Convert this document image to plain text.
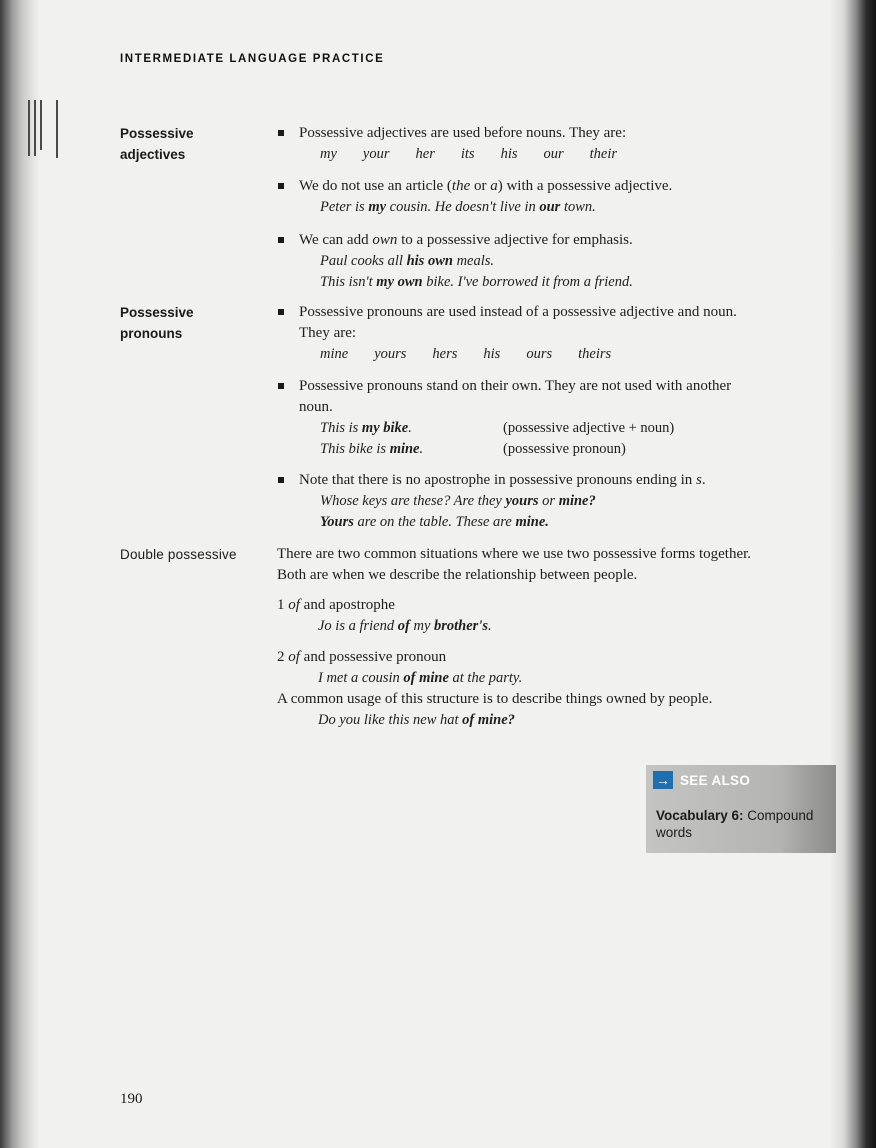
INTERMEDIATE LANGUAGE PRACTICE
Possessive
adjectives
Possessive adjectives are used before nouns. They are:
my your her its his our their
We do not use an article (the or a) with a possessive adjective.
Peter is my cousin. He doesn't live in our town.
We can add own to a possessive adjective for emphasis.
Paul cooks all his own meals.
This isn't my own bike. I've borrowed it from a friend.
Possessive
pronouns
Possessive pronouns are used instead of a possessive adjective and noun.
They are:
mine yours hers his ours theirs
Possessive pronouns stand on their own. They are not used with another
noun.
This is my bike.	(possessive adjective + noun)
This bike is mine.	(possessive pronoun)
Note that there is no apostrophe in possessive pronouns ending in s.
Whose keys are these? Are they yours or mine?
Yours are on the table. These are mine.
Double possessive	There are two common situations where we use two possessive forms together.
Both are when we describe the relationship between people.
1 of and apostrophe
Jo is a friend of my brother's.
2 of and possessive pronoun
I met a cousin of mine at the party.
A common usage of this structure is to describe things owned by people.
Do you like this new hat of mine?
→ SEE ALSO
Vocabulary 6: Compound words
190
